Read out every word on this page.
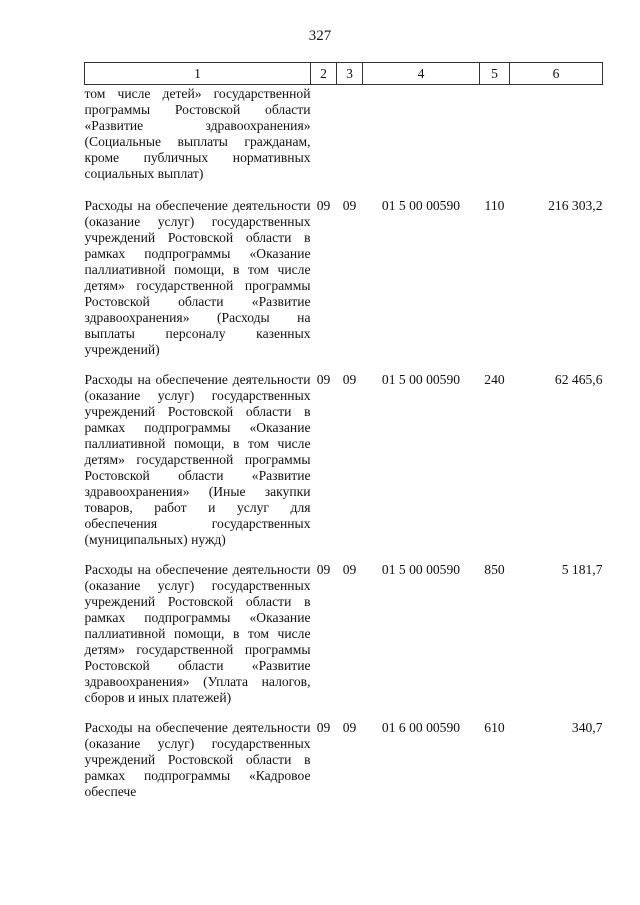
327
1	2	3	4	5	6
том числе детей» государственной программы Ростовской области «Развитие здравоохранения» (Социальные выплаты гражданам, кроме публичных нормативных социальных выплат)					
Расходы на обеспечение деятельности (оказание услуг) государственных учреждений Ростовской области в рамках подпрограммы «Оказание паллиативной помощи, в том числе детям» государственной программы Ростовской области «Развитие здравоохранения» (Расходы на выплаты персоналу казенных учреждений)	09	09	01 5 00 00590	110	216 303,2
Расходы на обеспечение деятельности (оказание услуг) государственных учреждений Ростовской области в рамках подпрограммы «Оказание паллиативной помощи, в том числе детям» государственной программы Ростовской области «Развитие здравоохранения» (Иные закупки товаров, работ и услуг для обеспечения государственных (муниципальных) нужд)	09	09	01 5 00 00590	240	62 465,6
Расходы на обеспечение деятельности (оказание услуг) государственных учреждений Ростовской области в рамках подпрограммы «Оказание паллиативной помощи, в том числе детям» государственной программы Ростовской области «Развитие здравоохранения» (Уплата налогов, сборов и иных платежей)	09	09	01 5 00 00590	850	5 181,7
Расходы на обеспечение деятельности (оказание услуг) государственных учреждений Ростовской области в рамках подпрограммы «Кадровое обеспече	09	09	01 6 00 00590	610	340,7
